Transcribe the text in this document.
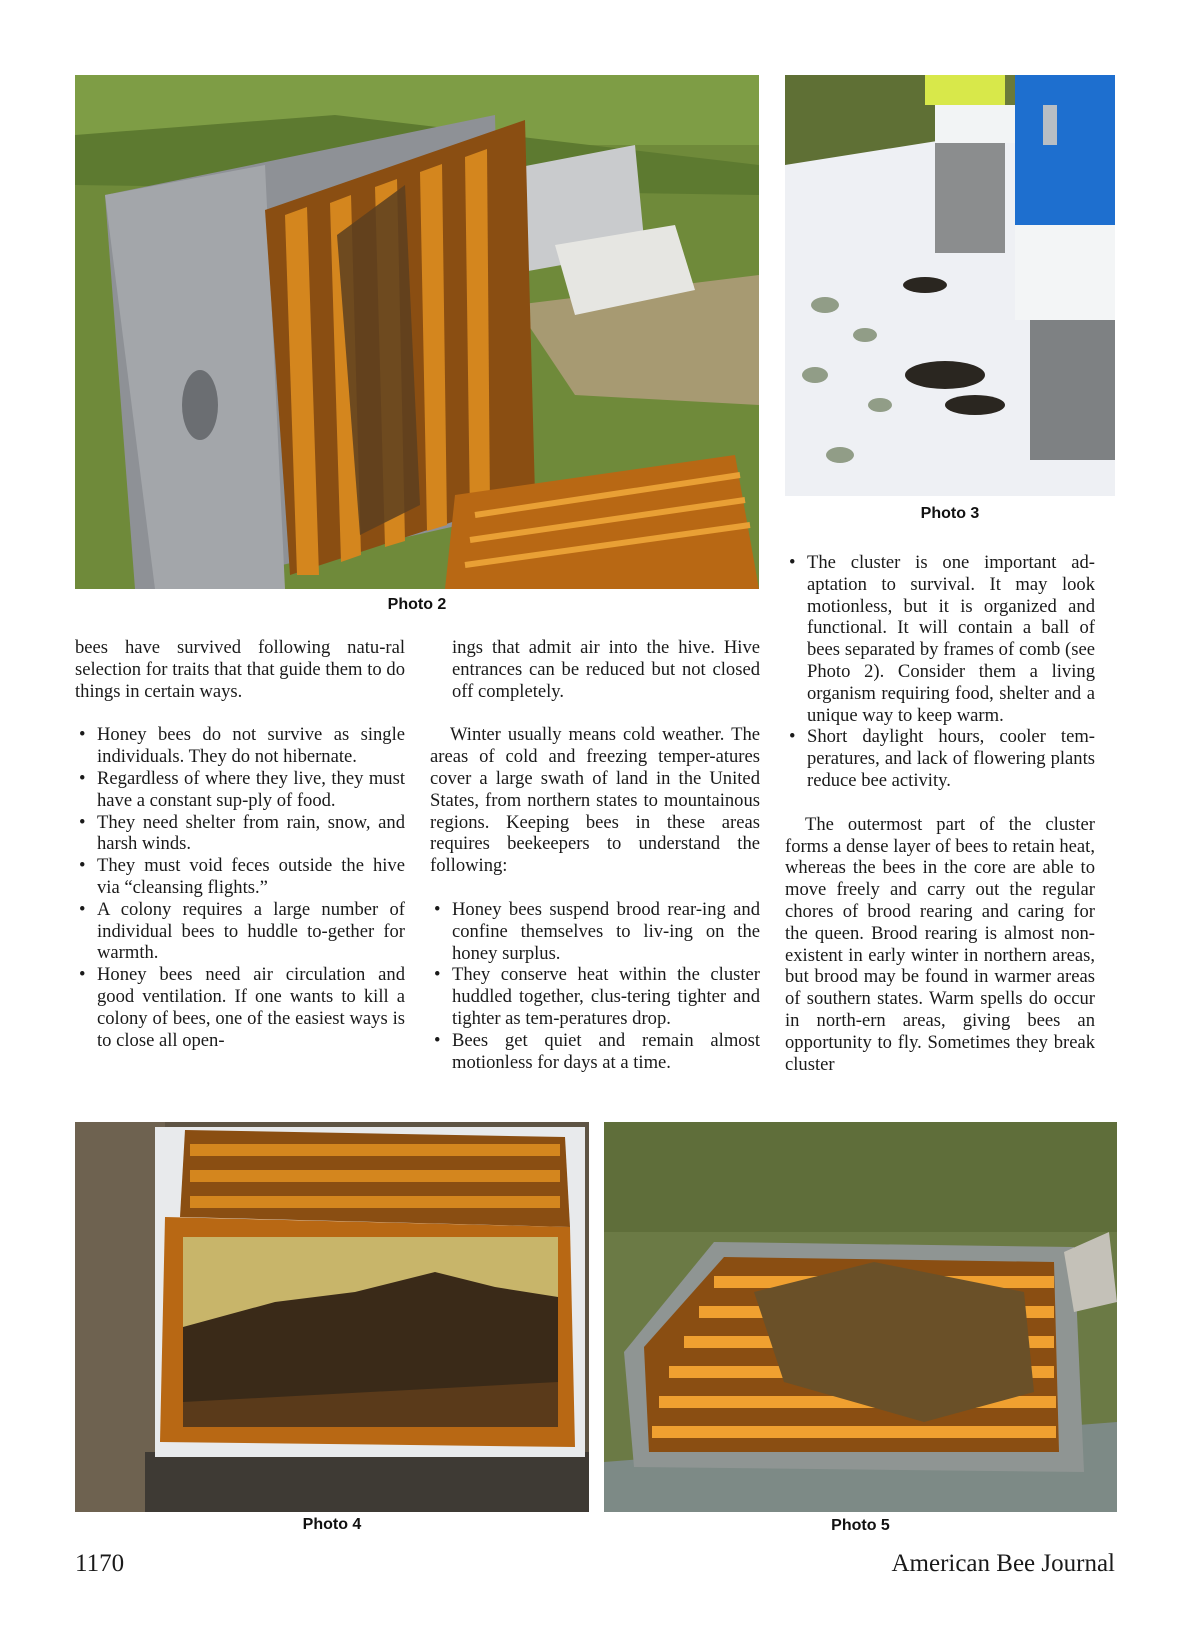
Photo 2
Photo 3

bees have survived following natu-ral selection for traits that that guide them to do things in certain ways.

• Honey bees do not survive as single individuals. They do not hibernate.
• Regardless of where they live, they must have a constant sup-ply of food.
• They need shelter from rain, snow, and harsh winds.
• They must void feces outside the hive via “cleansing flights.”
• A colony requires a large number of individual bees to huddle to-gether for warmth.
• Honey bees need air circulation and good ventilation. If one wants to kill a colony of bees, one of the easiest ways is to close all open-

ings that admit air into the hive. Hive entrances can be reduced but not closed off completely.

Winter usually means cold weather. The areas of cold and freezing temper-atures cover a large swath of land in the United States, from northern states to mountainous regions. Keeping bees in these areas requires beekeepers to understand the following:

• Honey bees suspend brood rear-ing and confine themselves to liv-ing on the honey surplus.
• They conserve heat within the cluster huddled together, clus-tering tighter and tighter as tem-peratures drop.
• Bees get quiet and remain almost motionless for days at a time.
• The cluster is one important ad-aptation to survival. It may look motionless, but it is organized and functional. It will contain a ball of bees separated by frames of comb (see Photo 2). Consider them a living organism requiring food, shelter and a unique way to keep warm.
• Short daylight hours, cooler tem-peratures, and lack of flowering plants reduce bee activity.

The outermost part of the cluster forms a dense layer of bees to retain heat, whereas the bees in the core are able to move freely and carry out the regular chores of brood rearing and caring for the queen. Brood rearing is almost non-existent in early winter in northern areas, but brood may be found in warmer areas of southern states. Warm spells do occur in north-ern areas, giving bees an opportunity to fly. Sometimes they break cluster

Photo 4	Photo 5
1170	American Bee Journal
